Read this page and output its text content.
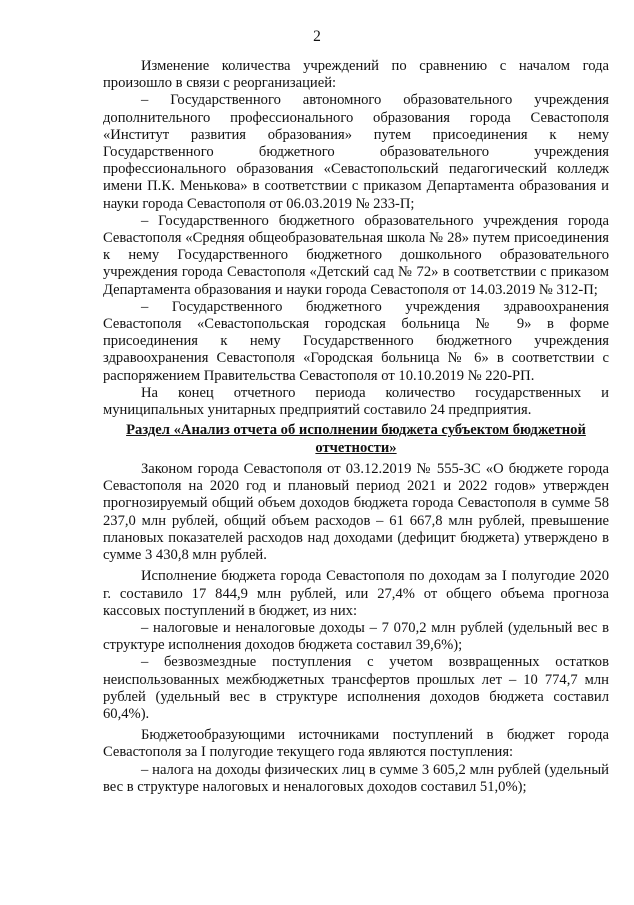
2

Изменение количества учреждений по сравнению с началом года произошло в связи с реорганизацией:

– Государственного автономного образовательного учреждения дополнительного профессионального образования города Севастополя «Институт развития образования» путем присоединения к нему Государственного бюджетного образовательного учреждения профессионального образования «Севастопольский педагогический колледж имени П.К. Менькова» в соответствии с приказом Департамента образования и науки города Севастополя от 06.03.2019 № 233-П;

– Государственного бюджетного образовательного учреждения города Севастополя «Средняя общеобразовательная школа № 28» путем присоединения к нему Государственного бюджетного дошкольного образовательного учреждения города Севастополя «Детский сад № 72» в соответствии с приказом Департамента образования и науки города Севастополя от 14.03.2019 № 312-П;

– Государственного бюджетного учреждения здравоохранения Севастополя «Севастопольская городская больница № 9» в форме присоединения к нему Государственного бюджетного учреждения здравоохранения Севастополя «Городская больница № 6» в соответствии с распоряжением Правительства Севастополя от 10.10.2019 № 220-РП.

На конец отчетного периода количество государственных и муниципальных унитарных предприятий составило 24 предприятия.

Раздел «Анализ отчета об исполнении бюджета субъектом бюджетной отчетности»

Законом города Севастополя от 03.12.2019 № 555-ЗС «О бюджете города Севастополя на 2020 год и плановый период 2021 и 2022 годов» утвержден прогнозируемый общий объем доходов бюджета города Севастополя в сумме 58 237,0 млн рублей, общий объем расходов – 61 667,8 млн рублей, превышение плановых показателей расходов над доходами (дефицит бюджета) утверждено в сумме 3 430,8 млн рублей.

Исполнение бюджета города Севастополя по доходам за I полугодие 2020 г. составило 17 844,9 млн рублей, или 27,4% от общего объема прогноза кассовых поступлений в бюджет, из них:

– налоговые и неналоговые доходы – 7 070,2 млн рублей (удельный вес в структуре исполнения доходов бюджета составил 39,6%);

– безвозмездные поступления с учетом возвращенных остатков неиспользованных межбюджетных трансфертов прошлых лет – 10 774,7 млн рублей (удельный вес в структуре исполнения доходов бюджета составил 60,4%).

Бюджетообразующими источниками поступлений в бюджет города Севастополя за I полугодие текущего года являются поступления:

– налога на доходы физических лиц в сумме 3 605,2 млн рублей (удельный вес в структуре налоговых и неналоговых доходов составил 51,0%);
